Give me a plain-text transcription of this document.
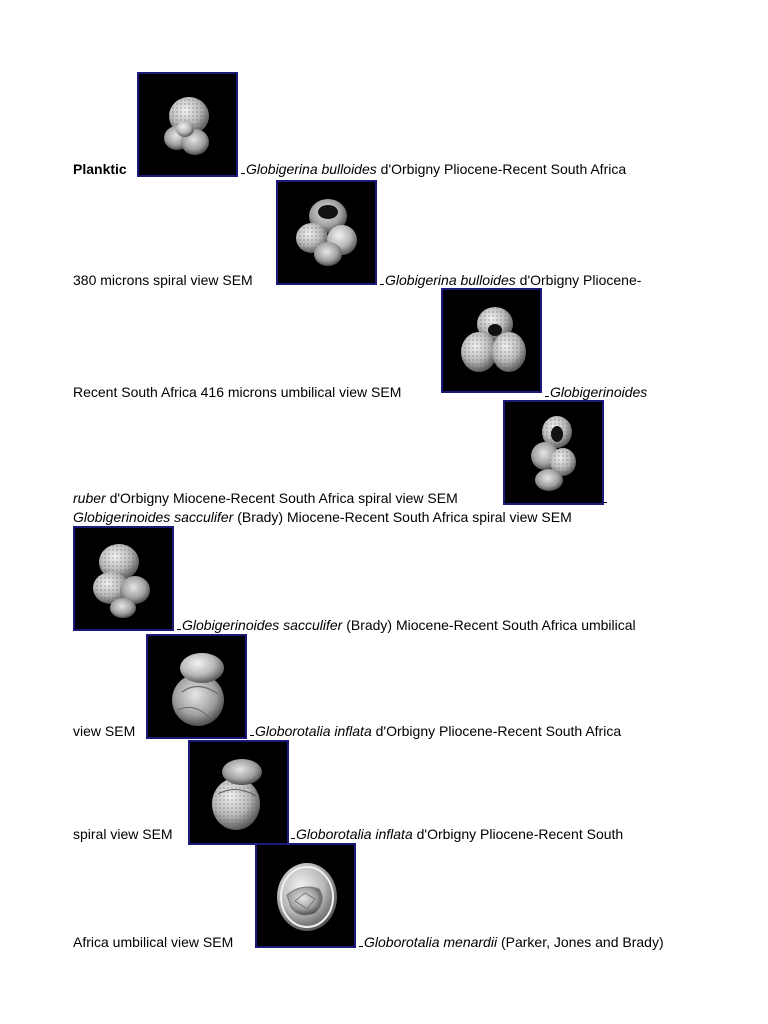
Planktic	Globigerina bulloides d'Orbigny Pliocene-Recent South Africa
380 microns spiral view SEM	Globigerina bulloides d'Orbigny Pliocene-
Recent South Africa 416 microns umbilical view SEM	Globigerinoides
ruber d'Orbigny Miocene-Recent South Africa spiral view SEM
Globigerinoides sacculifer (Brady) Miocene-Recent South Africa spiral view SEM
Globigerinoides sacculifer (Brady) Miocene-Recent South Africa umbilical
view SEM	Globorotalia inflata d'Orbigny Pliocene-Recent South Africa
spiral view SEM	Globorotalia inflata d'Orbigny Pliocene-Recent South
Africa umbilical view SEM	Globorotalia menardii (Parker, Jones and Brady)
